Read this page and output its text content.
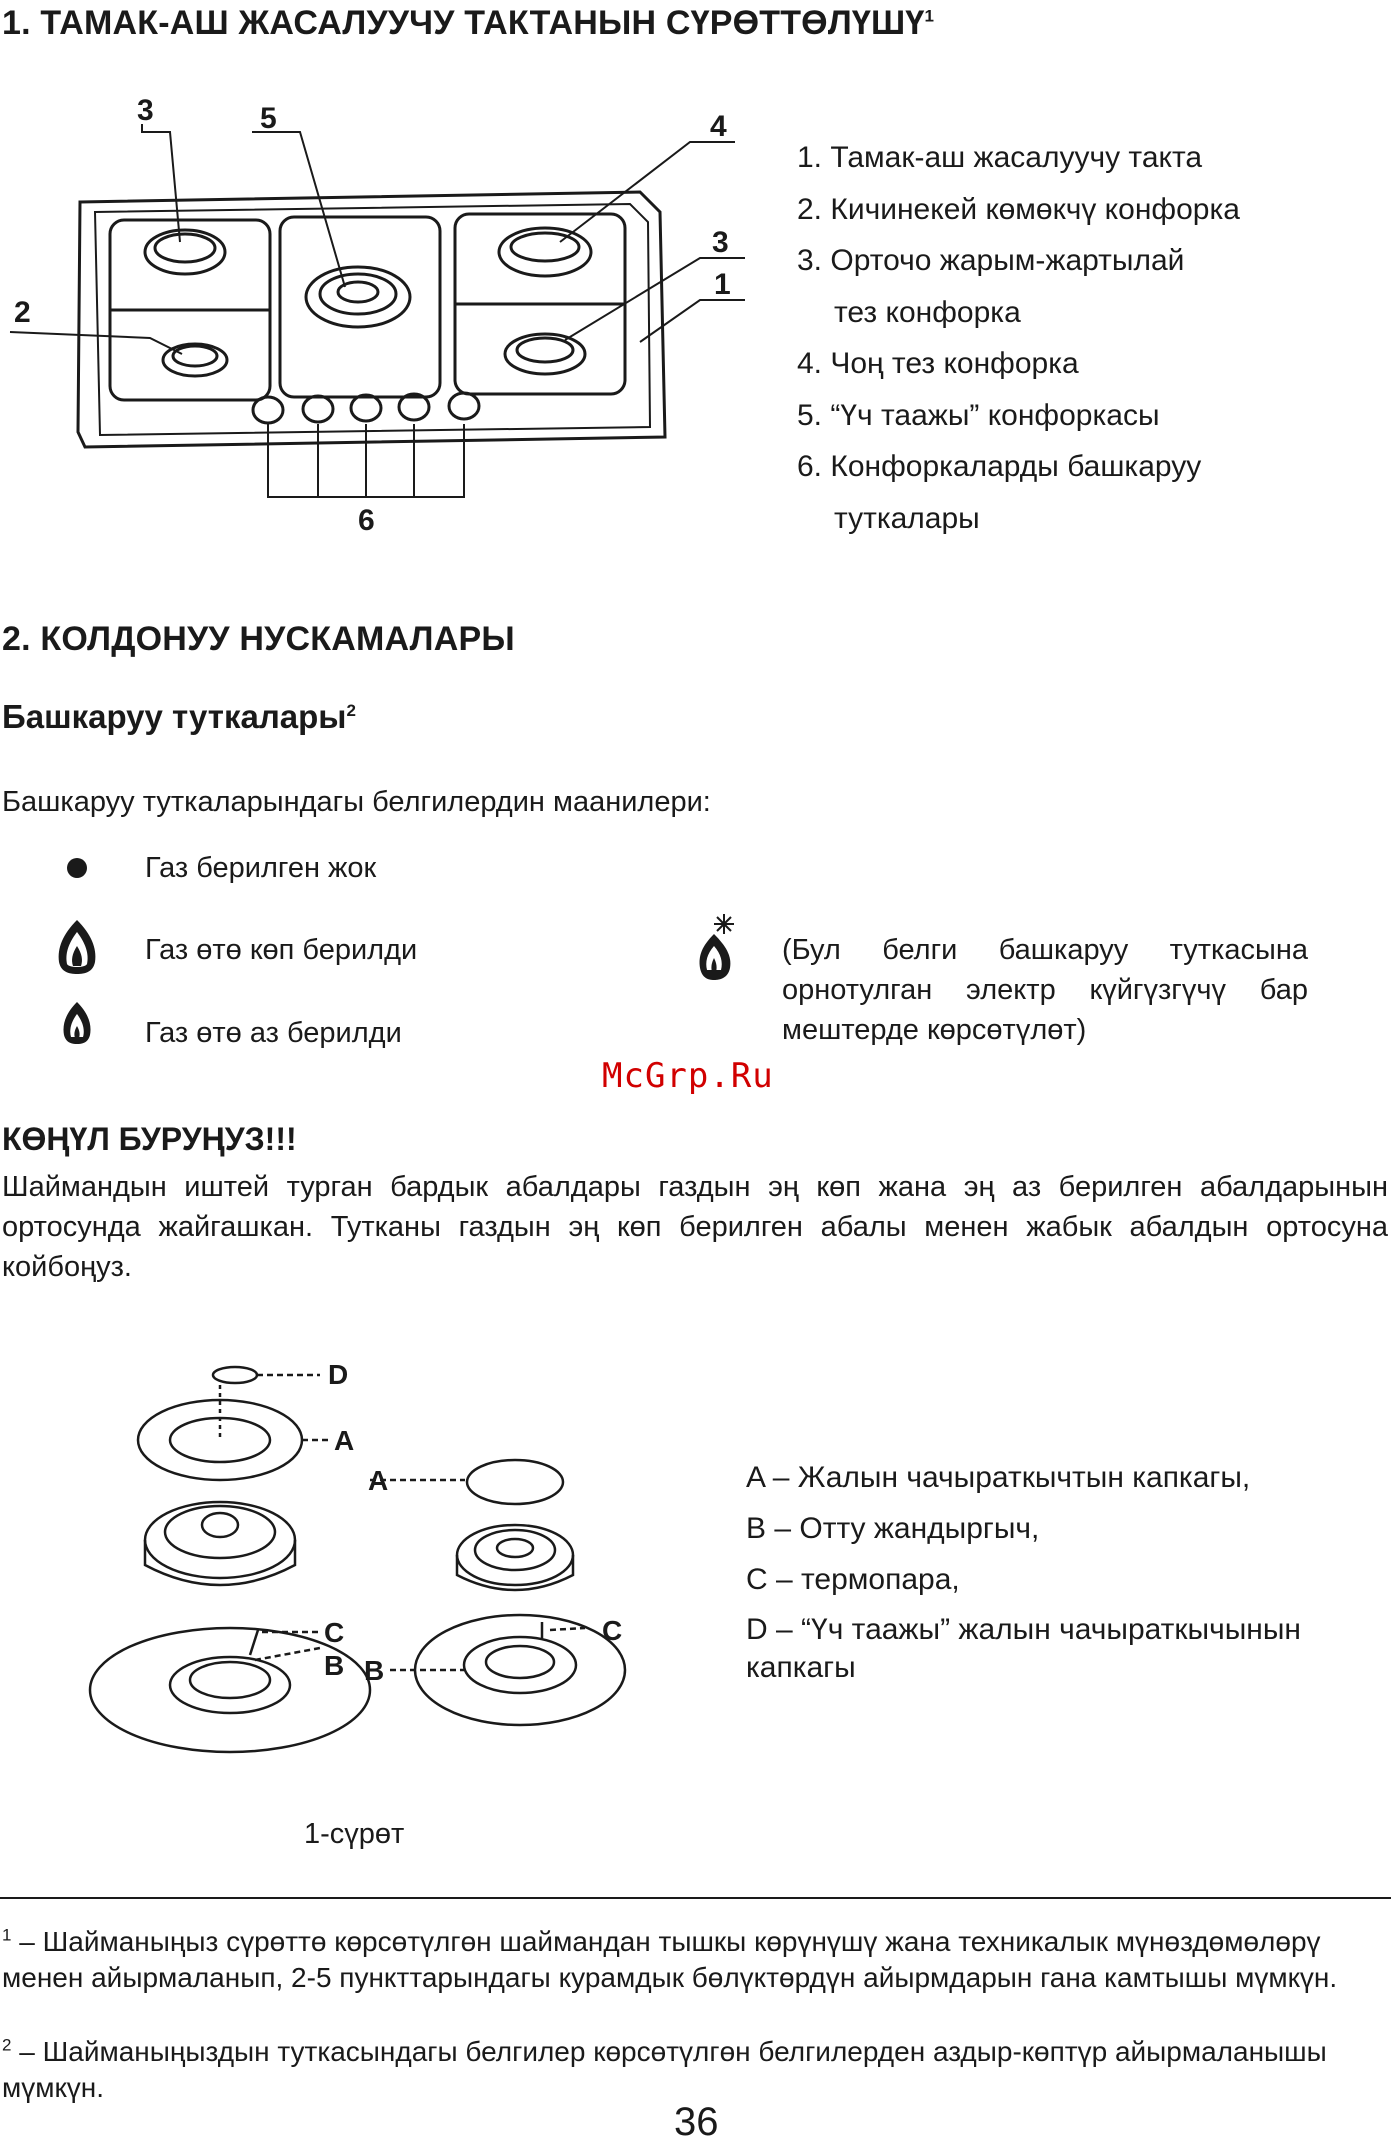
1. ТАМАК-АШ ЖАСАЛУУЧУ ТАКТАНЫН СҮРӨТТӨЛҮШҮ$^1$
3	5	4
2
3
1
6
1. Тамак-аш жасалуучу такта
2. Кичинекей көмөкчү конфорка
3. Орточо жарым-жартылай
тез конфорка
4. Чоң тез конфорка
5. “Үч таажы” конфоркасы
6. Конфоркаларды башкаруу
туткалары
2. КОЛДОНУУ НУСКАМАЛАРЫ
Башкаруу туткалары$^2$
Башкаруу туткаларындагы белгилердин маанилери:
Газ берилген жок
Газ өтө көп берилди
Газ өтө аз берилди
(Бул белги башкаруу туткасына орнотулган электр күйгүзгүчү бар мештерде көрсөтүлөт)
McGrp.Ru
КӨҢҮЛ БУРУҢУЗ!!!
Шаймандын иштей турган бардык абалдары газдын эң көп жана эң аз берилген абалдарынын ортосунда жайгашкан. Тутканы газдын эң көп берилген абалы менен жабык абалдын ортосуна койбоңуз.
D
A
C
B
A
C
B
A – Жалын чачыраткычтын капкагы,
B – Отту жандыргыч,
C – термопара,
D – “Үч таажы” жалын чачыраткычынын капкагы
1-сүрөт
$^1$ – Шайманыңыз сүрөттө көрсөтүлгөн шаймандан тышкы көрүнүшү жана техникалык мүнөздөмөлөрү менен айырмаланып, 2-5 пункттарындагы курамдык бөлүктөрдүн айырмдарын гана камтышы мүмкүн.
$^2$ – Шайманыңыздын туткасындагы белгилер көрсөтүлгөн белгилерден аздыр-көптүр айырмаланышы мүмкүн.
36
